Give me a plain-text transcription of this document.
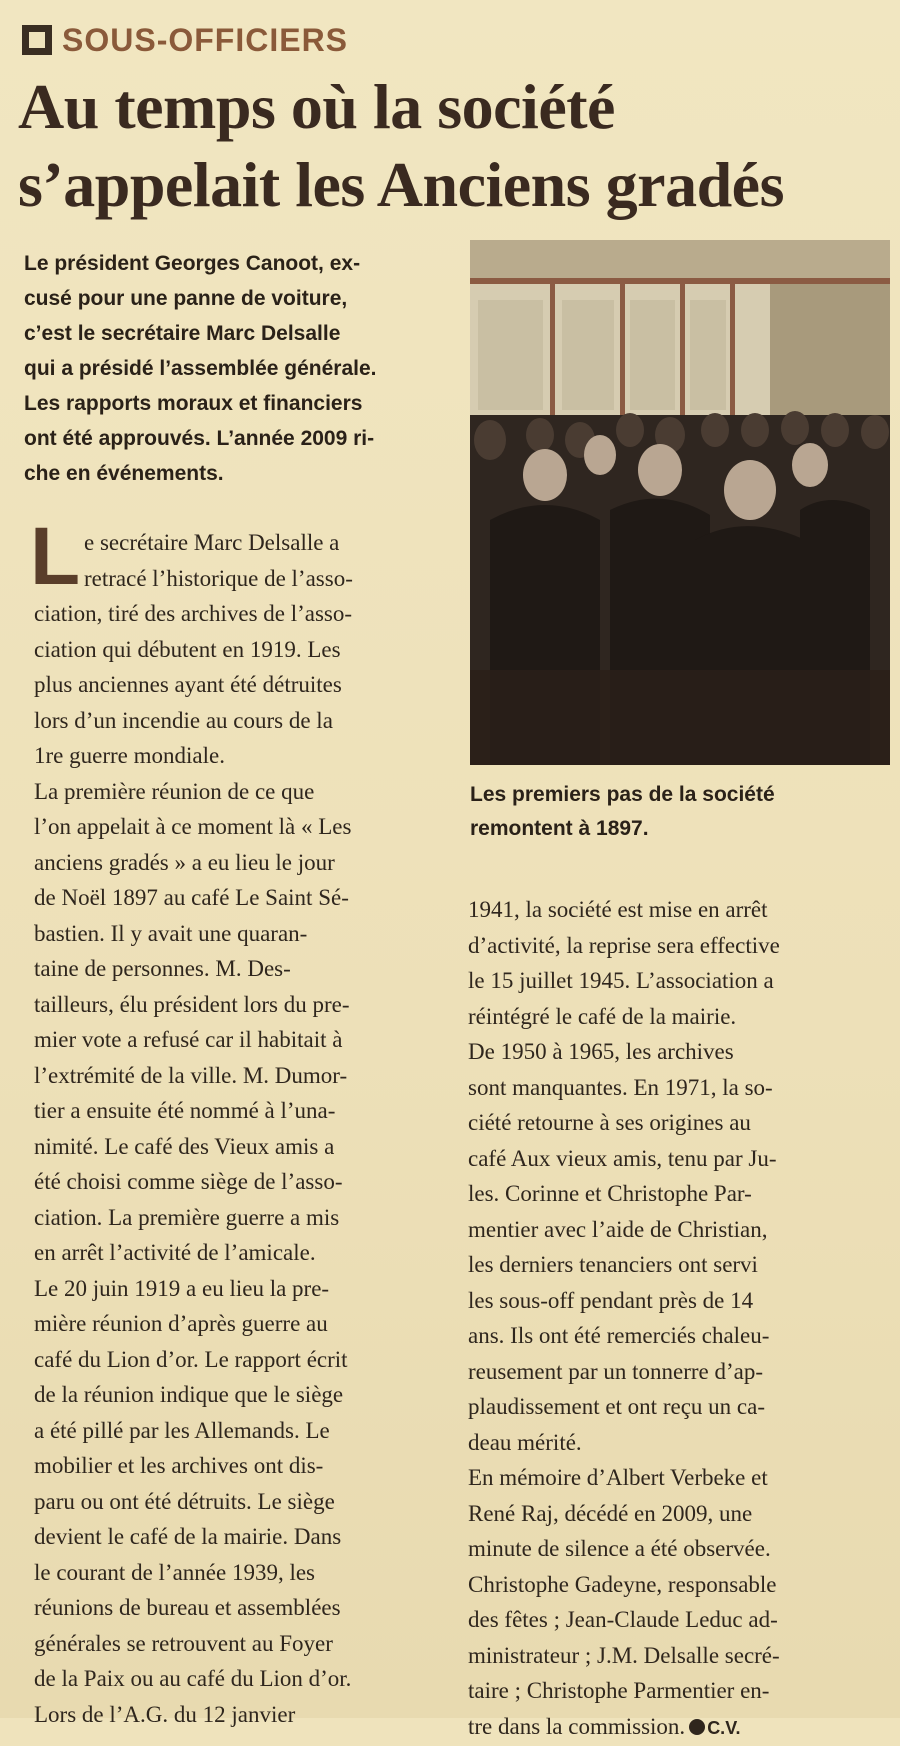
SOUS-OFFICIERS
Au temps où la société
s’appelait les Anciens gradés
Le président Georges Canoot, ex-
cusé pour une panne de voiture,
c’est le secrétaire Marc Delsalle
qui a présidé l’assemblée générale.
Les rapports moraux et financiers
ont été approuvés. L’année 2009 ri-
che en événements.
Les premiers pas de la société
remontent à 1897.
L e secrétaire Marc Delsalle a
retracé l’historique de l’asso-
ciation, tiré des archives de l’asso-
ciation qui débutent en 1919. Les
plus anciennes ayant été détruites
lors d’un incendie au cours de la
1re guerre mondiale.
La première réunion de ce que
l’on appelait à ce moment là « Les
anciens gradés » a eu lieu le jour
de Noël 1897 au café Le Saint Sé-
bastien. Il y avait une quaran-
taine de personnes. M. Des-
tailleurs, élu président lors du pre-
mier vote a refusé car il habitait à
l’extrémité de la ville. M. Dumor-
tier a ensuite été nommé à l’una-
nimité. Le café des Vieux amis a
été choisi comme siège de l’asso-
ciation. La première guerre a mis
en arrêt l’activité de l’amicale.
Le 20 juin 1919 a eu lieu la pre-
mière réunion d’après guerre au
café du Lion d’or. Le rapport écrit
de la réunion indique que le siège
a été pillé par les Allemands. Le
mobilier et les archives ont dis-
paru ou ont été détruits. Le siège
devient le café de la mairie. Dans
le courant de l’année 1939, les
réunions de bureau et assemblées
générales se retrouvent au Foyer
de la Paix ou au café du Lion d’or.
Lors de l’A.G. du 12 janvier
1941, la société est mise en arrêt
d’activité, la reprise sera effective
le 15 juillet 1945. L’association a
réintégré le café de la mairie.
De 1950 à 1965, les archives
sont manquantes. En 1971, la so-
ciété retourne à ses origines au
café Aux vieux amis, tenu par Ju-
les. Corinne et Christophe Par-
mentier avec l’aide de Christian,
les derniers tenanciers ont servi
les sous-off pendant près de 14
ans. Ils ont été remerciés chaleu-
reusement par un tonnerre d’ap-
plaudissement et ont reçu un ca-
deau mérité.
En mémoire d’Albert Verbeke et
René Raj, décédé en 2009, une
minute de silence a été observée.
Christophe Gadeyne, responsable
des fêtes ; Jean-Claude Leduc ad-
ministrateur ; J.M. Delsalle secré-
taire ; Christophe Parmentier en-
tre dans la commission. C.V.
